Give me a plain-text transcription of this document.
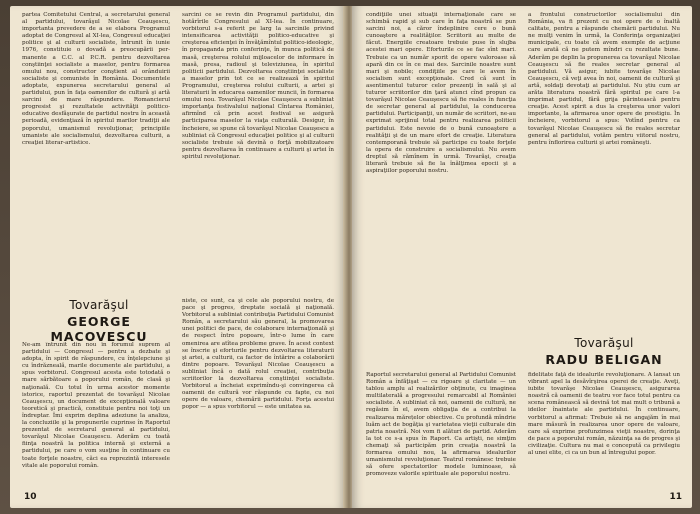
partea Comitetului Central, a secretarului general al partidului, tovarăşul Nicolae Ceauşescu, importanta prevedere de a se elabora Programul adoptat de Congresul al XI-lea, Congresul educaţiei politice şi al culturii socialiste, întrunit în iunie 1976, constituie o dovadă a preocupării permanente a C.C. al P.C.R. pentru dezvoltarea conştiinţei socialiste a maselor, pentru formarea omului nou, constructor conştient al orânduirii socialiste şi comuniste în România. Documentele adoptate, expunerea secretarului general al partidului, pun în faţa oamenilor de cultură şi artă sarcini de mare răspundere. Romancierul progresist şi rezultatele activităţii politico-educative desfăşurate de partidul nostru în această perioadă, evidenţiază în spiritul marilor tradiţii ale poporului, umanismul revoluţionar, principiile umaniste ale socialismului, dezvoltarea culturii, a creaţiei literar-artistice.

sarcini ce se revin din Programul partidului, din hotărîrile Congresului al XI-lea. În continuare, vorbitorul s-a referit pe larg la sarcinile privind intensificarea activităţii politico-educative şi creşterea eficienţei în învăţămîntul politico-ideologic, în propaganda prin conferinţe, în munca politică de masă, creşterea rolului mijloacelor de informare în masă, presa, radioul şi televiziunea, în spiritul politicii partidului. Dezvoltarea conştiinţei socialiste a maselor prin tot ce se realizează în spiritul Programului, creşterea rolului culturii, a artei şi literaturii în educarea oamenilor muncii, în formarea omului nou. Tovarăşul Nicolae Ceauşescu a subliniat importanţa festivalului naţional Cîntarea României, afirmînd că prin acest festival se asigură participarea maselor la viaţa culturală. Desigur, în încheiere, se spune că tovarăşul Nicolae Ceauşescu a subliniat că Congresul educaţiei politice şi al culturii socialiste trebuie să devină o forţă mobilizatoare pentru dezvoltarea în continuare a culturii şi artei în spiritul revoluţionar.

Tovarăşul
GEORGE MACOVESCU

Ne-am întrunit din nou în forumul suprem al partidului — Congresul — pentru a dezbate şi adopta, în spirit de răspundere, cu înţelepciune şi cu îndrăzneală, marile documente ale partidului, a spus vorbitorul. Congresul acesta este totodată o mare sărbătoare a poporului român, de clasă şi naţională. Cu totul în urma acestor momente istorice, raportul prezentat de tovarăşul Nicolae Ceauşescu, un document de excepţională valoare teoretică şi practică, constituie pentru noi toţi un îndreptar. Îmi exprim deplina adeziune la analiza, la concluziile şi la propunerile cuprinse în Raportul prezentat de secretarul general al partidului, tovarăşul Nicolae Ceauşescu. Aderăm cu toată fiinţa noastră la politica internă şi externă a partidului, pe care o vom susţine în continuare cu toate forţele noastre, căci ea reprezintă interesele vitale ale poporului român.

niste, ce sunt, ca şi cele ale poporului nostru, de pace şi progres, dreptate socială şi naţională. Vorbitorul a subliniat contribuţia Partidului Comunist Român, a secretarului său general, la promovarea unei politici de pace, de colaborare internaţională şi de respect între popoare, într-o lume în care omenirea are atîtea probleme grave. În acest context se înscrie şi eforturile pentru dezvoltarea literaturii şi artei, a culturii, ca factor de întărire a colaborării dintre popoare. Tovarăşul Nicolae Ceauşescu a subliniat încă o dată rolul creaţiei, contribuţia scriitorilor la dezvoltarea conştiinţei socialiste. Vorbitorul a încheiat exprimîndu-şi convingerea că oamenii de cultură vor răspunde cu fapte, cu noi opere de valoare, chemării partidului. Forţa acestui popor — a spus vorbitorul — este unitatea sa.

10

condiţiile unei situaţii internaţionale care se schimbă rapid şi sub care în faţa noastră se pun sarcini noi, a căror îndeplinire cere o bună cunoaştere a realităţilor. Scriitorii au multe de făcut. Energiile creatoare trebuie puse în slujba acestei mari opere. Eforturile ce se fac sînt mari. Trebuie ca un număr sporit de opere valoroase să apară din ce în ce mai des. Sarcinile noastre sunt mari şi nobile; condiţiile pe care le avem în socialism sunt excepţionale. Cred că sunt în asentimentul tuturor celor prezenţi în sală şi al tuturor scriitorilor din ţară atunci cînd propun ca tovarăşul Nicolae Ceauşescu să fie reales în funcţia de secretar general al partidului, la conducerea partidului. Participanţii, un număr de scriitori, ne-au exprimat sprijinul total pentru realizarea politicii partidului. Este nevoie de o bună cunoaştere a realităţii şi de un mare efort de creaţie. Literatura contemporană trebuie să participe cu toate forţele la opera de construire a socialismului. Nu avem dreptul să rămînem în urmă. Tovarăşi, creaţia literară trebuie să fie la înălţimea epocii şi a aspiraţiilor poporului nostru.

a frontului constructorilor socialismului din România, va fi prezent cu noi opere de o înaltă calitate, pentru a răspunde chemării partidului. Nu ne mulţi venim în urmă, la Conferinţa organizaţiei municipale, cu toate că avem exemple de acţiune care arată că ne putem mîndri cu rezultate bune. Aderăm pe deplin la propunerea ca tovarăşul Nicolae Ceauşescu să fie reales secretar general al partidului. Vă asigur, iubite tovarăşe Nicolae Ceauşescu, că veţi avea în noi, oamenii de cultură şi artă, soldaţi devotaţi ai partidului. Nu ştiu cum ar arăta literatura noastră fără spiritul pe care l-a imprimat partidul, fără grija părintească pentru creaţie. Acest spirit a dus la creşterea unor valori importante, la afirmarea unor opere de prestigiu. În încheiere, vorbitorul a spus: Votînd pentru ca tovarăşul Nicolae Ceauşescu să fie reales secretar general al partidului, votăm pentru viitorul nostru, pentru înflorirea culturii şi artei româneşti.

Tovarăşul
RADU BELIGAN

Raportul secretarului general al Partidului Comunist Român a înfăţişat — cu rigoare şi claritate — un tablou amplu al realizărilor obţinute, cu imaginea multilaterală a progresului remarcabil al României socialiste. A subliniat că noi, oamenii de cultură, ne regăsim în el, avem obligaţia de a contribui la realizarea mărețelor obiective. Cu profundă mîndrie luăm act de bogăţia şi varietatea vieţii culturale din patria noastră. Noi vom fi alături de partid. Aderăm la tot ce s-a spus în Raport. Ca artişti, ne simţim chemaţi să participăm prin creaţia noastră la formarea omului nou, la afirmarea idealurilor umanismului revoluţionar. Teatrul românesc trebuie să ofere spectatorilor modele luminoase, să promoveze valorile spirituale ale poporului nostru.

fidelitate faţă de idealurile revoluţionare. A lansat un vibrant apel la desăvîrşirea operei de creaţie. Aveţi, iubite tovarăşe Nicolae Ceauşescu, asigurarea noastră că oamenii de teatru vor face totul pentru ca scena românească să devină tot mai mult o tribună a ideilor înaintate ale partidului. În continuare, vorbitorul a afirmat: Trebuie să ne angajăm în mai mare măsură în realizarea unor opere de valoare, care să exprime profunzimea vieţii noastre, dorinţa de pace a poporului român, năzuinţa sa de progres şi civilizaţie. Cultura nu mai e concepută ca privilegiu al unei elite, ci ca un bun al întregului popor.

11
